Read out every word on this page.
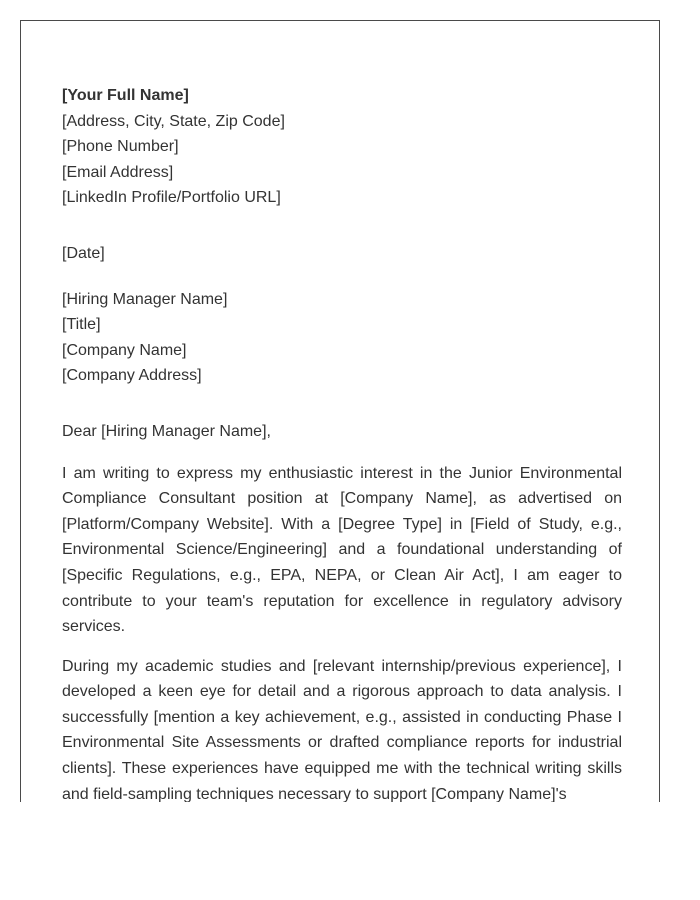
[Your Full Name]
[Address, City, State, Zip Code]
[Phone Number]
[Email Address]
[LinkedIn Profile/Portfolio URL]
[Date]
[Hiring Manager Name]
[Title]
[Company Name]
[Company Address]
Dear [Hiring Manager Name],

I am writing to express my enthusiastic interest in the Junior Environmental Compliance Consultant position at [Company Name], as advertised on [Platform/Company Website]. With a [Degree Type] in [Field of Study, e.g., Environmental Science/Engineering] and a foundational understanding of [Specific Regulations, e.g., EPA, NEPA, or Clean Air Act], I am eager to contribute to your team's reputation for excellence in regulatory advisory services.

During my academic studies and [relevant internship/previous experience], I developed a keen eye for detail and a rigorous approach to data analysis. I successfully [mention a key achievement, e.g., assisted in conducting Phase I Environmental Site Assessments or drafted compliance reports for industrial clients]. These experiences have equipped me with the technical writing skills and field-sampling techniques necessary to support [Company Name]'s
